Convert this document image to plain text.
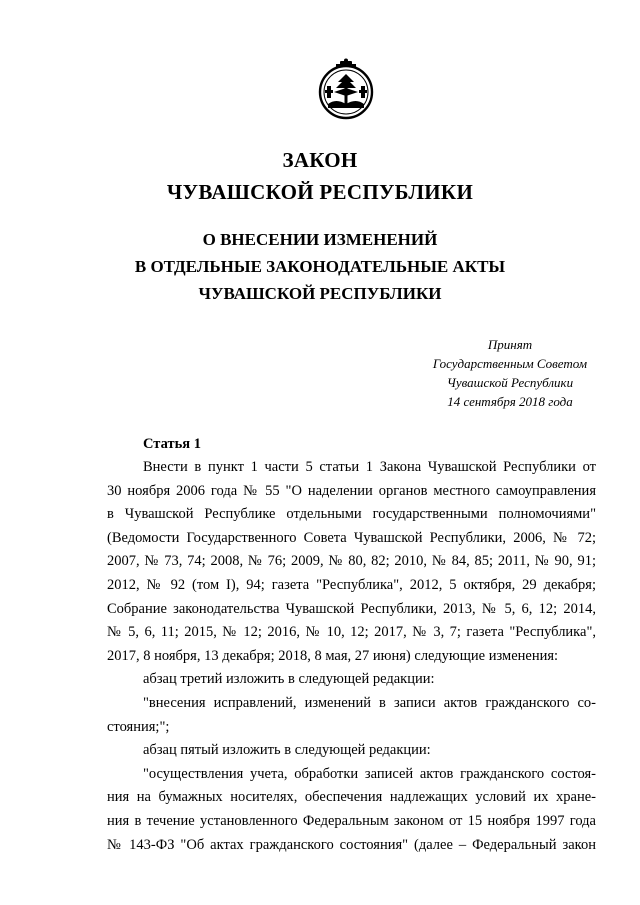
ЗАКОН
ЧУВАШСКОЙ РЕСПУБЛИКИ
О ВНЕСЕНИИ ИЗМЕНЕНИЙ
В ОТДЕЛЬНЫЕ ЗАКОНОДАТЕЛЬНЫЕ АКТЫ
ЧУВАШСКОЙ РЕСПУБЛИКИ
Принят
Государственным Советом
Чувашской Республики
14 сентября 2018 года
Статья 1
Внести в пункт 1 части 5 статьи 1 Закона Чувашской Республики от
30 ноября 2006 года № 55 "О наделении органов местного самоуправления
в Чувашской Республике отдельными государственными полномочиями"
(Ведомости Государственного Совета Чувашской Республики, 2006, № 72;
2007, № 73, 74; 2008, № 76; 2009, № 80, 82; 2010, № 84, 85; 2011, № 90, 91;
2012, № 92 (том I), 94; газета "Республика", 2012, 5 октября, 29 декабря;
Собрание законодательства Чувашской Республики, 2013, № 5, 6, 12; 2014,
№ 5, 6, 11; 2015, № 12; 2016, № 10, 12; 2017, № 3, 7; газета "Республика",
2017, 8 ноября, 13 декабря; 2018, 8 мая, 27 июня) следующие изменения:
абзац третий изложить в следующей редакции:
"внесения исправлений, изменений в записи актов гражданского со-
стояния;";
абзац пятый изложить в следующей редакции:
"осуществления учета, обработки записей актов гражданского состоя-
ния на бумажных носителях, обеспечения надлежащих условий их хране-
ния в течение установленного Федеральным законом от 15 ноября 1997 года
№ 143-ФЗ "Об актах гражданского состояния" (далее – Федеральный закон
